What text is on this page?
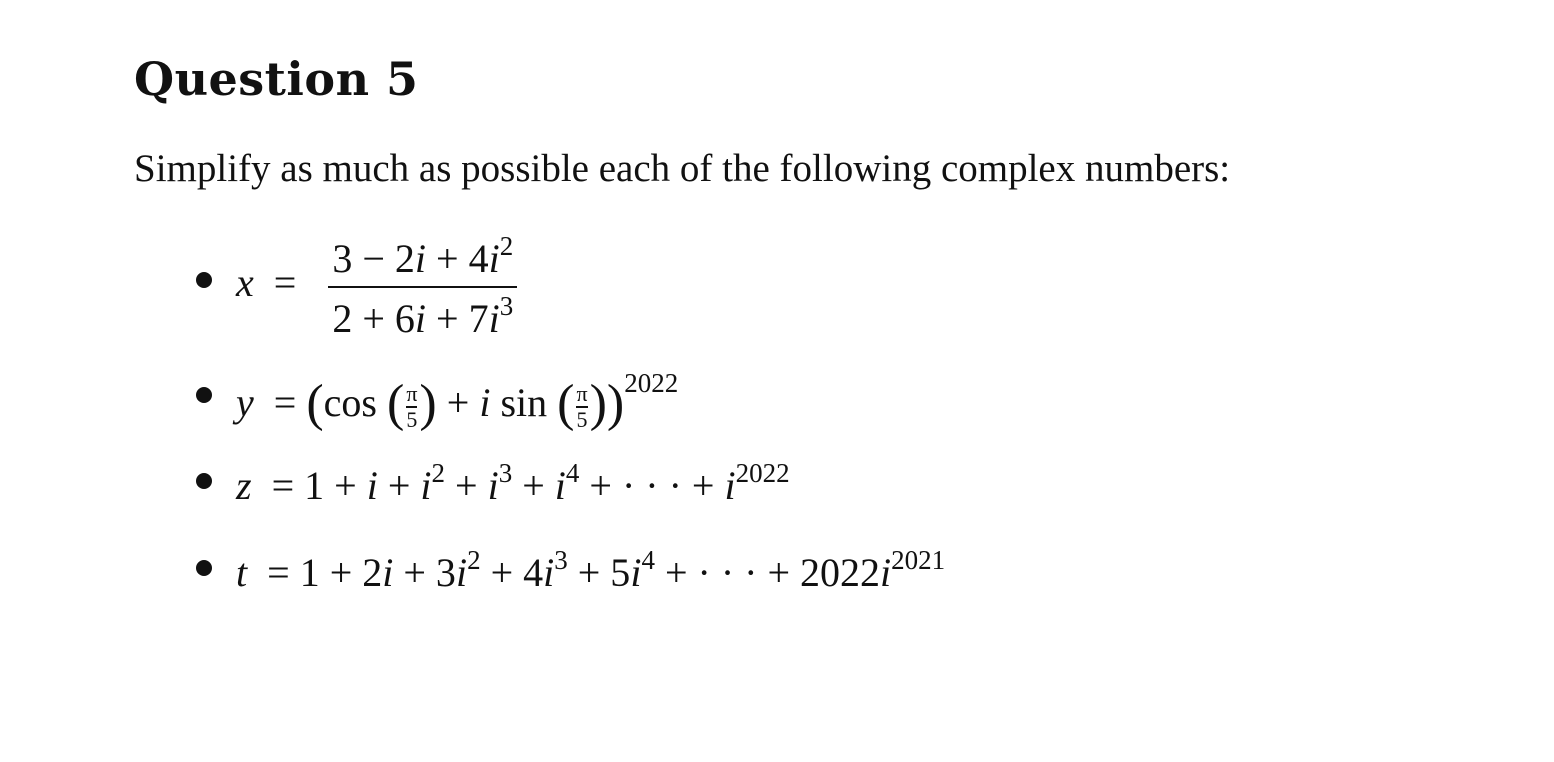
Question 5

Simplify as much as possible each of the following complex numbers:

$x = \frac{3 - 2i + 4i^2}{2 + 6i + 7i^3}$
y = (cos $(\frac{\pi}{5}) + i$ $\sin (\frac{\pi}{5}))^{2022}$
$z = 1 + i + i^2 + i^3 + i^4$ + · · · + $i^{2022}$
$t = 1 + 2i + 3i^2 + 4i^3 + 5i^4$ + · · · + $2022i^{2021}$
